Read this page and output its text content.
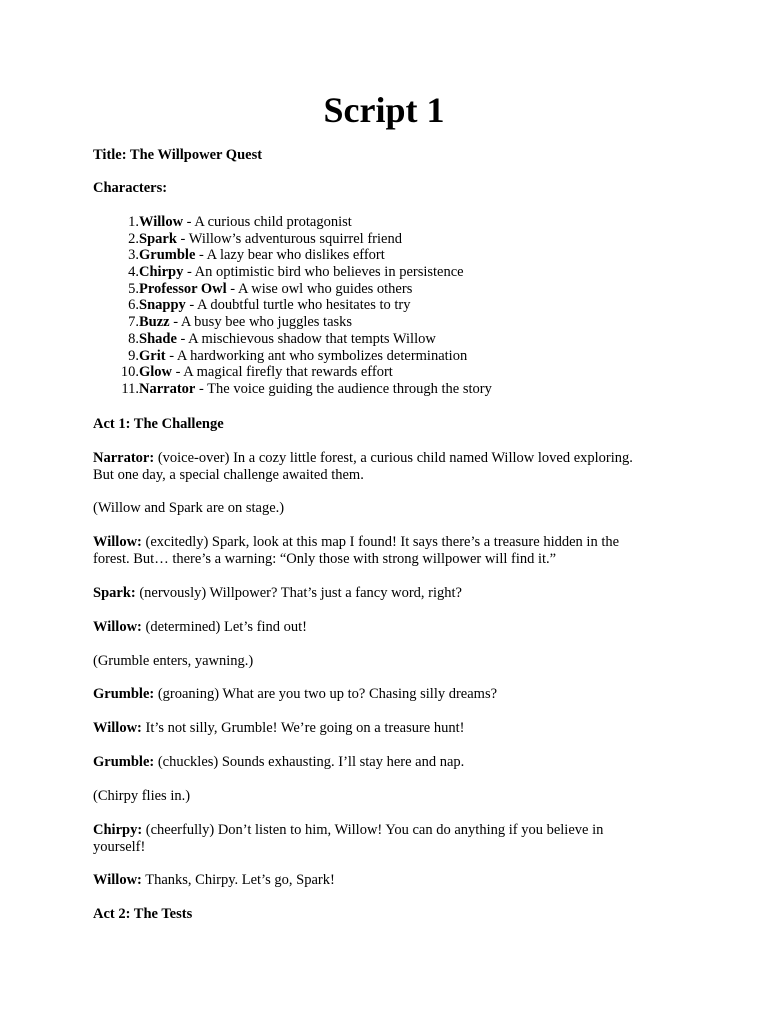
Script 1

Title: The Willpower Quest

Characters:

1. Willow - A curious child protagonist
2. Spark - Willow’s adventurous squirrel friend
3. Grumble - A lazy bear who dislikes effort
4. Chirpy - An optimistic bird who believes in persistence
5. Professor Owl - A wise owl who guides others
6. Snappy - A doubtful turtle who hesitates to try
7. Buzz - A busy bee who juggles tasks
8. Shade - A mischievous shadow that tempts Willow
9. Grit - A hardworking ant who symbolizes determination
10. Glow - A magical firefly that rewards effort
11. Narrator - The voice guiding the audience through the story

Act 1: The Challenge

Narrator: (voice-over) In a cozy little forest, a curious child named Willow loved exploring.
But one day, a special challenge awaited them.

(Willow and Spark are on stage.)

Willow: (excitedly) Spark, look at this map I found! It says there’s a treasure hidden in the
forest. But… there’s a warning: “Only those with strong willpower will find it.”

Spark: (nervously) Willpower? That’s just a fancy word, right?

Willow: (determined) Let’s find out!

(Grumble enters, yawning.)

Grumble: (groaning) What are you two up to? Chasing silly dreams?

Willow: It’s not silly, Grumble! We’re going on a treasure hunt!

Grumble: (chuckles) Sounds exhausting. I’ll stay here and nap.

(Chirpy flies in.)

Chirpy: (cheerfully) Don’t listen to him, Willow! You can do anything if you believe in
yourself!

Willow: Thanks, Chirpy. Let’s go, Spark!

Act 2: The Tests
